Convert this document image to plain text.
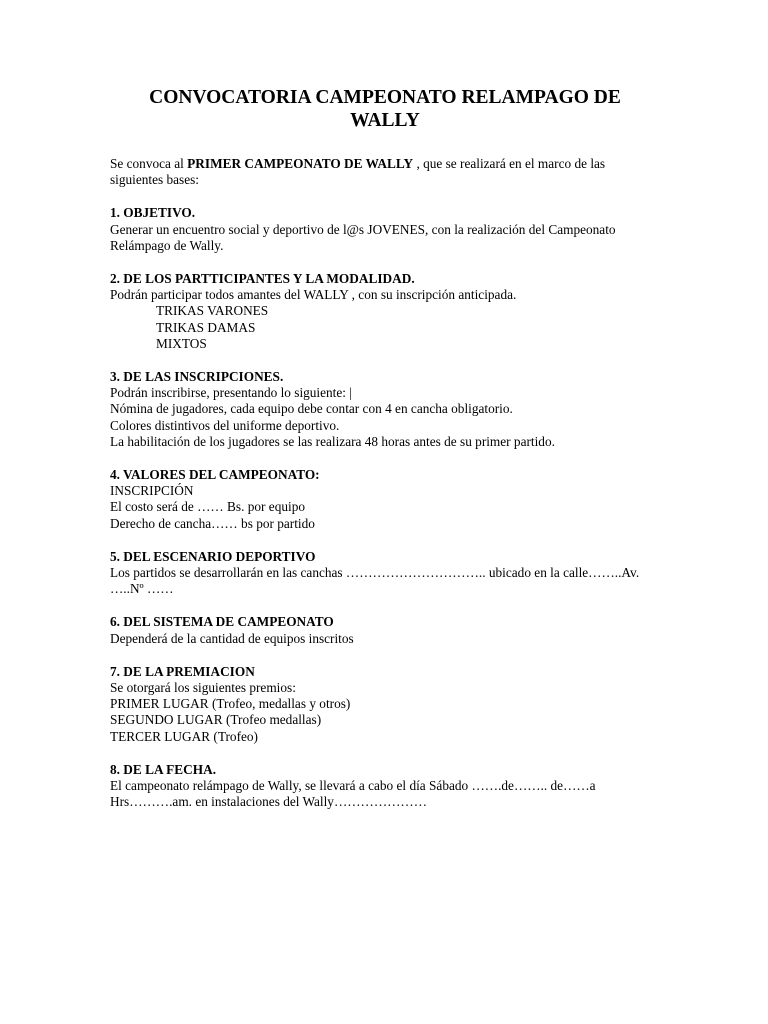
CONVOCATORIA CAMPEONATO RELAMPAGO DE
WALLY

Se convoca al PRIMER CAMPEONATO DE WALLY , que se realizará en el marco de las siguientes bases:

1. OBJETIVO.

Generar un encuentro social y deportivo de l@s JOVENES, con la realización del Campeonato Relámpago de Wally.

2. DE LOS PARTTICIPANTES Y LA MODALIDAD.

Podrán participar todos amantes del WALLY , con su inscripción anticipada.

TRIKAS VARONES

TRIKAS DAMAS

MIXTOS

3. DE LAS INSCRIPCIONES.

Podrán inscribirse, presentando lo siguiente: |

Nómina de jugadores, cada equipo debe contar con 4 en cancha obligatorio.

Colores distintivos del uniforme deportivo.

La habilitación de los jugadores se las realizara 48 horas antes de su primer partido.

4. VALORES DEL CAMPEONATO:

INSCRIPCIÓN

El costo será de …… Bs. por equipo

Derecho de cancha…… bs por partido

5. DEL ESCENARIO DEPORTIVO

Los partidos se desarrollarán en las canchas ………………………….. ubicado en la calle……..Av. …..Nº ……

6. DEL SISTEMA DE CAMPEONATO

Dependerá de la cantidad de equipos inscritos

7. DE LA PREMIACION

Se otorgará los siguientes premios:

PRIMER LUGAR (Trofeo, medallas y otros)

SEGUNDO LUGAR (Trofeo medallas)

TERCER LUGAR (Trofeo)

8. DE LA FECHA.

El campeonato relámpago de Wally, se llevará a cabo el día Sábado …….de…….. de……a Hrs……….am. en instalaciones del Wally…………………
